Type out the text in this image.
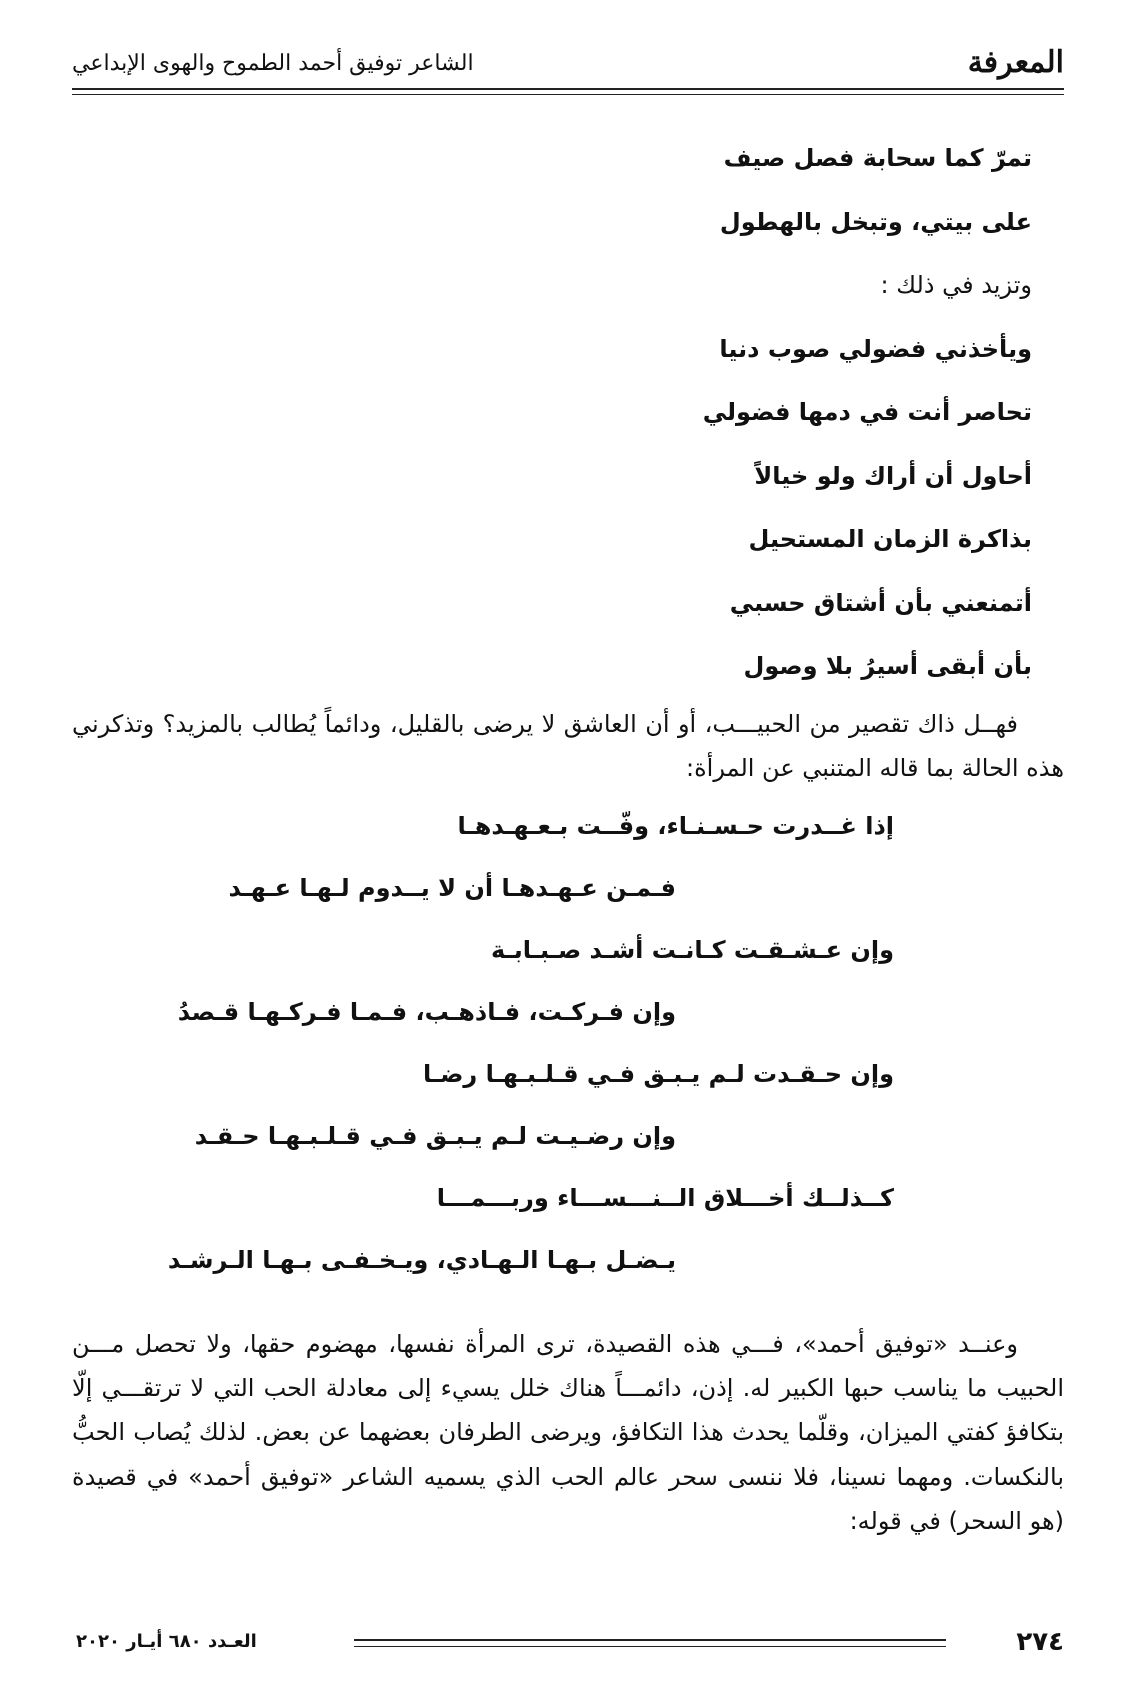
المعرفة
الشاعر توفيق أحمد الطموح والهوى الإبداعي
تمرّ كما سحابة فصل صيف
على بيتي، وتبخل بالهطول
وتزيد في ذلك :
ويأخذني فضولي صوب دنيا
تحاصر أنت في دمها فضولي
أحاول أن أراك ولو خيالاً
بذاكرة الزمان المستحيل
أتمنعني بأن أشتاق حسبي
بأن أبقى أسيرُ بلا وصول

فهــل ذاك تقصير من الحبيـــب، أو أن العاشق لا يرضى بالقليل، ودائماً يُطالب بالمزيد؟ وتذكرني هذه الحالة بما قاله المتنبي عن المرأة:

إذا غــدرت حـسـنـاء، وفّــت بـعـهـدهـا
فـمـن عـهـدهـا أن لا يــدوم لـهـا عـهـد
وإن عـشـقـت كـانـت أشـد صـبـابـة
وإن فـركـت، فـاذهـب، فـمـا فـركـهـا قـصدُ
وإن حـقـدت لـم يـبـق فـي قـلـبـهـا رضـا
وإن رضـيـت لـم يـبـق فـي قـلـبـهـا حـقـد
كــذلــك أخـــلاق الــنـــســـاء وربـــمـــا
يـضـل بـهـا الـهـادي، ويـخـفـى بـهـا الـرشـد

وعنــد «توفيق أحمد»، فـــي هذه القصيدة، ترى المرأة نفسها، مهضوم حقها، ولا تحصل مـــن الحبيب ما يناسب حبها الكبير له. إذن، دائمـــاً هناك خلل يسيء إلى معادلة الحب التي لا ترتقـــي إلّا بتكافؤ كفتي الميزان، وقلّما يحدث هذا التكافؤ، ويرضى الطرفان بعضهما عن بعض. لذلك يُصاب الحبُّ بالنكسات. ومهما نسينا، فلا ننسى سحر عالم الحب الذي يسميه الشاعر «توفيق أحمد» في قصيدة (هو السحر) في قوله:

٢٧٤
العـدد ٦٨٠ أيـار ٢٠٢٠
